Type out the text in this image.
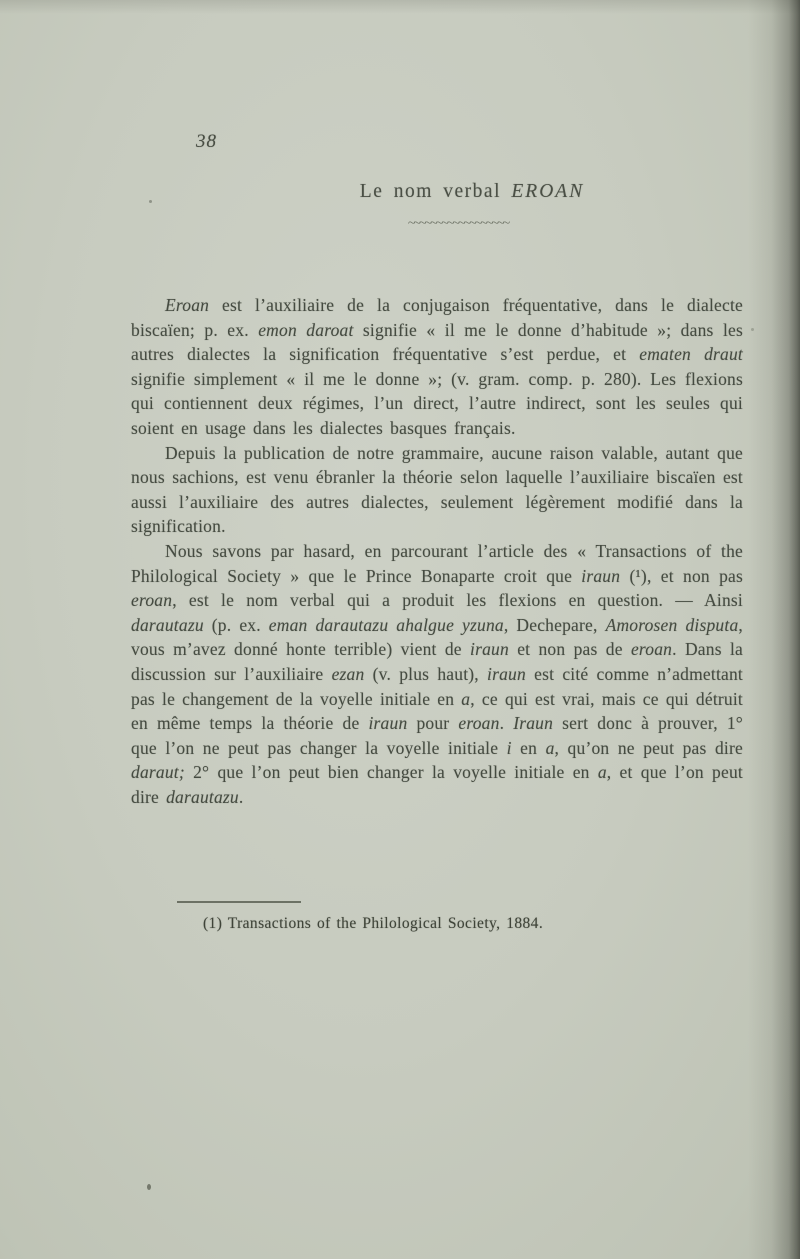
38
Le nom verbal EROAN
~~~~~~~~~~~~~~~~~~

Eroan est l’auxiliaire de la conjugaison fréquentative, dans le dialecte biscaïen; p. ex. emon daroat signifie « il me le donne d’habitude »; dans les autres dialectes la signification fréquentative s’est perdue, et ematen draut signifie simplement « il me le donne »; (v. gram. comp. p. 280). Les flexions qui contiennent deux régimes, l’un direct, l’autre indirect, sont les seules qui soient en usage dans les dialectes basques français.

Depuis la publication de notre grammaire, aucune raison valable, autant que nous sachions, est venu ébranler la théorie selon laquelle l’auxiliaire biscaïen est aussi l’auxiliaire des autres dialectes, seulement légèrement modifié dans la signification.

Nous savons par hasard, en parcourant l’article des « Transactions of the Philological Society » que le Prince Bonaparte croit que iraun (¹), et non pas eroan, est le nom verbal qui a produit les flexions en question. — Ainsi darautazu (p. ex. eman darautazu ahalgue yzuna, Dechepare, Amorosen disputa, vous m’avez donné honte terrible) vient de iraun et non pas de eroan. Dans la discussion sur l’auxiliaire ezan (v. plus haut), iraun est cité comme n’admettant pas le changement de la voyelle initiale en a, ce qui est vrai, mais ce qui détruit en même temps la théorie de iraun pour eroan. Iraun sert donc à prouver, 1° que l’on ne peut pas changer la voyelle initiale i en a, qu’on ne peut pas dire daraut; 2° que l’on peut bien changer la voyelle initiale en a, et que l’on peut dire darautazu.

(1) Transactions of the Philological Society, 1884.
